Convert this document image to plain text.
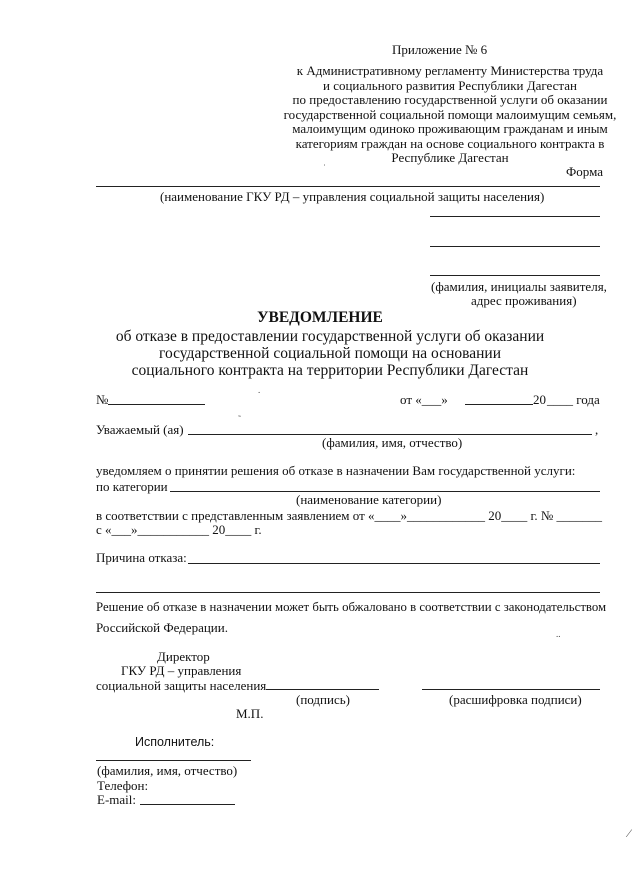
Приложение № 6
к Административному регламенту Министерства труда
и социального развития Республики Дагестан
по предоставлению государственной услуги об оказании
государственной социальной помощи малоимущим семьям,
малоимущим одиноко проживающим гражданам и иным
категориям граждан на основе социального контракта в
Республике Дагестан
Форма
˙
(наименование ГКУ РД – управления социальной защиты населения)
(фамилия, инициалы заявителя,
адрес проживания)
УВЕДОМЛЕНИЕ
об отказе в предоставлении государственной услуги об оказании
государственной социальной помощи на основании
социального контракта на территории Республики Дагестан
№	от «___»	20 ____ года
.
Уважаемый (ая)	,
(фамилия, имя, отчество)
˜
уведомляем о принятии решения об отказе в назначении Вам государственной услуги:
по категории
(наименование категории)
в соответствии с представленным заявлением от «____»____________ 20____ г. № _______
с «___»___________ 20____ г.
Причина отказа:
Решение об отказе в назначении может быть обжаловано в соответствии с законодательством
Российской Федерации.	..
Директор
ГКУ РД – управления
социальной защиты населения
(подпись)	(расшифровка подписи)
М.П.
Исполнитель:
(фамилия, имя, отчество)
Телефон:
E-mail:
⁄
